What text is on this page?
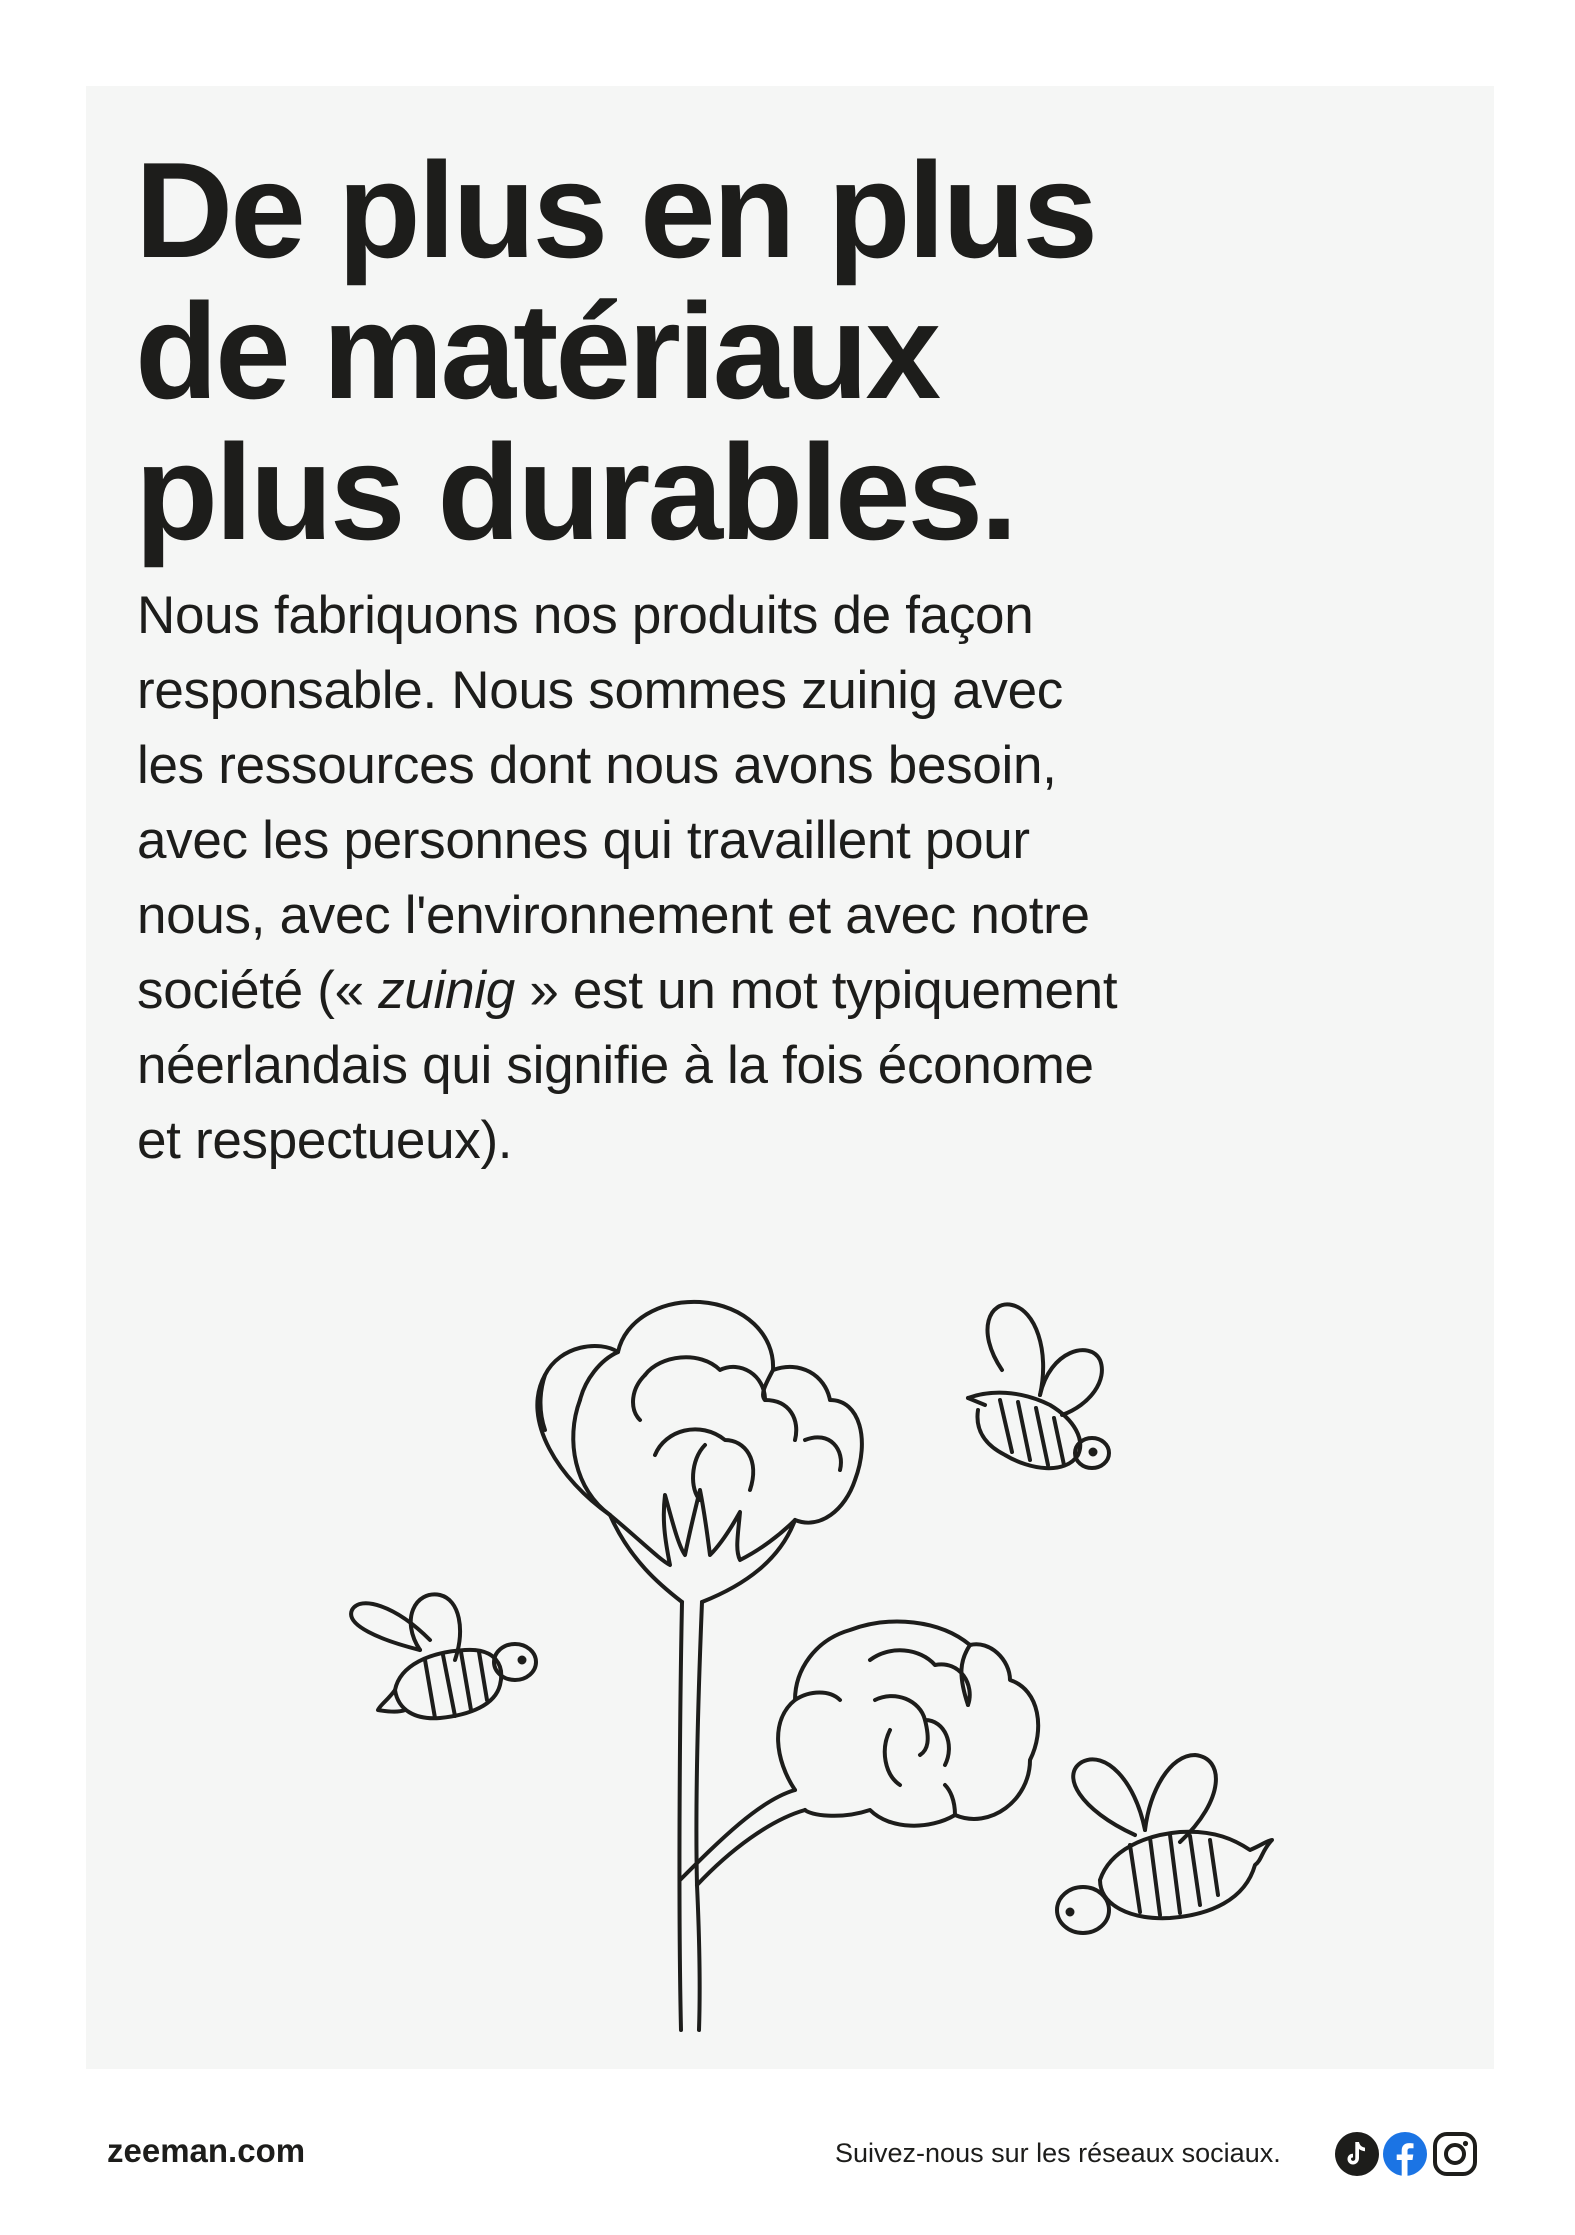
De plus en plus
de matériaux
plus durables.
Nous fabriquons nos produits de façon
responsable. Nous sommes zuinig avec
les ressources dont nous avons besoin,
avec les personnes qui travaillent pour
nous, avec l'environnement et avec notre
société (« zuinig » est un mot typiquement
néerlandais qui signifie à la fois économe
et respectueux).
zeeman.com	Suivez-nous sur les réseaux sociaux.
